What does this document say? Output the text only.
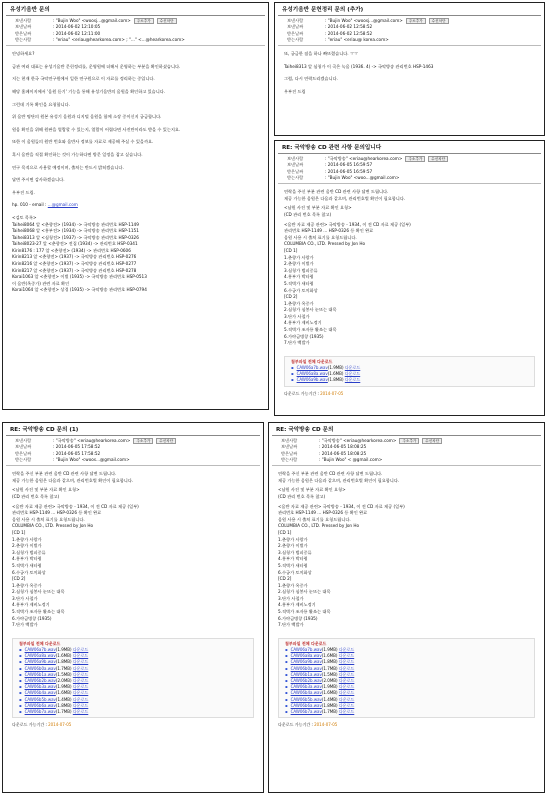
유성기음반 문의
보낸사람	: "Bujin Woo" <woosj...@gmail.com>	주소추가	수신차단
보낸날짜	: 2014-06-02 12:10:05
받은날짜	: 2014-06-02 12:11:00
받는사람	: "eriau" <eriau@hearkorea.com> ; "..." <...@hearkorea.com>

안녕하세요?

금관 여러 대표는 유성기음반 문헌정리를, 운영원에 더해서 운영하는 부분을 확인하셨습니다.

저는 현재 한국 국악연구원에서 일한 연구원으로 이 자료를 정리하는 중입니다.

해당 홈페이지에서 '음원 듣기' 기능을 통해 유성기음반의 음원을 확인하고 있습니다.

그런데 기록 확인을 요청합니다.

위 음반 명단의 원본 유성기 음원과 디지털 음원을 함께 소장 중이신지 궁금합니다.

원음 확인을 위해 원판을 열람할 수 있는지, 열람이 어렵다면 사진만이라도 받을 수 있는지요.

또한 이 음원들의 원반 번호와 음반사 정보를 자료로 제공해 주실 수 있을까요.

혹시 음반을 직접 확인하는 것이 가능하다면 방문 일정을 잡고 싶습니다.

연구 목적으로 사용할 예정이며, 출처는 반드시 밝히겠습니다.

답변 주시면 감사하겠습니다.

우부진 드림.

hp. 010 - email : ...@gmail.com

<검토 목록>

Taihei8064 앞 <춘향전> (1934) -> 국악방송 관리번호 HSP-1149

Taihei8068 앞 <흥부전> (1934) -> 국악방송 관리번호 HSP-1151

Taihei8313 앞 <심청전> (1937) -> 국악방송 관리번호 HSP-0326

Taihei8023-27 앞 <춘향전> 전집 (1934) -> 관리번호 HSP-0341

Kirin8176 : 177 앞 <춘향전> (1934) -> 관리번호 HSP-0606

Kirin8213 앞 <춘향전> (1937) -> 국악방송 관리번호 HSP-0276

Kirin8216 앞 <춘향전> (1937) -> 국악방송 관리번호 HSP-0277

Kirin8217 앞 <춘향전> (1937) -> 국악방송 관리번호 HSP-0278

Korai1063 앞 <춘향전> 이별 (1935) -> 국악방송 관리번호 HSP-0513

이 음반(옥중가) 관련 자료 확인

Korai1064 앞 <춘향전> 상경 (1935) -> 국악방송 관리번호 HSP-0794

유성기음반 문헌정리 문의 (추가)
보낸사람	: "Bujin Woo" <woosj...@gmail.com>	주소추가	수신차단
보낸날짜	: 2014-06-02 12:58:52
받은날짜	: 2014-06-02 12:58:52
받는사람	: "eriau" <eriau@ korea.com>

또, 궁금한 점을 하나 빠뜨렸습니다. ㅜㅜ

Taihei8313 앞 심청가 이 곡은 녹음 (1936. 4) -> 국악방송 관리번호 HSP-1463

그럼, 다시 연락드리겠습니다.

우부진 드림

RE: 국악방송 CD 관련 사항 문의입니다
보낸사람	: "국악방송" <eriau@hearkorea.com>	주소추가	수신차단
보낸날짜	: 2014-06-05 16:59:57
받은날짜	: 2014-06-05 16:59:57
받는사람	: "Bujin Woo" <woo...@gmail.com>

연락을 주신 부분 관련 음반 CD 관련 사항 답변 드립니다.

제공 가능한 음원은 다음과 같으며, 관리번호별 확인이 필요합니다.

<남원 사진 및 부분 자료 확인 요청>

(CD 관리 번호 목록 참고)

<음반 자료 제공 관련> 국악방송 - 1934, 이 전 CD 자료 제공 (일부)

관리번호 HSP-1149 ... HSP-0326 등 확인 완료

음원 사용 시 출처 표기를 요청드립니다.

COLUMBIA CO., LTD. Pressed by Jon Ho

[CD 1]

1.춘향가 사랑가

2.춘향가 이별가

3.심청가 범피중류

4.흥부가 박타령

5.적벽가 새타령

6.수궁가 토끼화상

[CD 2]

1.춘향가 옥중가

2.심청가 심봉사 눈뜨는 대목

3.단가 사철가

4.흥부가 제비노정기

5.적벽가 조자룡 활쏘는 대목

6.가야금병창 (1935)

7.단가 백발가

첨부파일 전체 다운로드
▪ CAW06a7b.wav(1.9MB) 다운로드
▪ CAW06a8a.wav(1.6MB) 다운로드
▪ CAW06a9b.wav(1.8MB) 다운로드
다운로드 가능기간 : 2014-07-05
RE: 국악방송 CD 문의 (1)
보낸사람	: "국악방송" <eriau@hearkorea.com>	주소추가	수신차단
보낸날짜	: 2014-06-05 17:58:52
받은날짜	: 2014-06-05 17:58:52
받는사람	: "Bujin Woo" <woos...@gmail.com>

연락을 주신 부분 관련 음반 CD 관련 사항 답변 드립니다.

제공 가능한 음원은 다음과 같으며, 관리번호별 확인이 필요합니다.

<남원 사진 및 부분 자료 확인 요청>

(CD 관리 번호 목록 참고)

<음반 자료 제공 관련> 국악방송 - 1934, 이 전 CD 자료 제공 (일부)

관리번호 HSP-1149 ... HSP-0326 등 확인 완료

음원 사용 시 출처 표기를 요청드립니다.

COLUMBIA CO., LTD. Pressed by Jon Ho

[CD 1]

1.춘향가 사랑가

2.춘향가 이별가

3.심청가 범피중류

4.흥부가 박타령

5.적벽가 새타령

6.수궁가 토끼화상

[CD 2]

1.춘향가 옥중가

2.심청가 심봉사 눈뜨는 대목

3.단가 사철가

4.흥부가 제비노정기

5.적벽가 조자룡 활쏘는 대목

6.가야금병창 (1935)

7.단가 백발가

첨부파일 전체 다운로드
▪ CAW06a7b.wav(1.9MB) 다운로드
▪ CAW06a8a.wav(1.6MB) 다운로드
▪ CAW06a9b.wav(1.8MB) 다운로드
▪ CAW06b0a.wav(1.7MB) 다운로드
▪ CAW06b1a.wav(1.5MB) 다운로드
▪ CAW06b2b.wav(2.0MB) 다운로드
▪ CAW06b3a.wav(1.9MB) 다운로드
▪ CAW06b4a.wav(1.6MB) 다운로드
▪ CAW06b5b.wav(1.4MB) 다운로드
▪ CAW06b6a.wav(1.8MB) 다운로드
▪ CAW06b7a.wav(1.7MB) 다운로드
다운로드 가능기간 : 2014-07-05
RE: 국악방송 CD 문의
보낸사람	: "국악방송" <eriau@hearkorea.com>	주소추가	수신차단
보낸날짜	: 2014-06-05 18:08:25
받은날짜	: 2014-06-05 18:08:25
받는사람	: "Bujin Woo" < @gmail.com>

연락을 주신 부분 관련 음반 CD 관련 사항 답변 드립니다.

제공 가능한 음원은 다음과 같으며, 관리번호별 확인이 필요합니다.

<남원 사진 및 부분 자료 확인 요청>

(CD 관리 번호 목록 참고)

<음반 자료 제공 관련> 국악방송 - 1934, 이 전 CD 자료 제공 (일부)

관리번호 HSP-1149 ... HSP-0326 등 확인 완료

음원 사용 시 출처 표기를 요청드립니다.

COLUMBIA CO., LTD. Pressed by Jon Ho

[CD 1]

1.춘향가 사랑가

2.춘향가 이별가

3.심청가 범피중류

4.흥부가 박타령

5.적벽가 새타령

6.수궁가 토끼화상

[CD 2]

1.춘향가 옥중가

2.심청가 심봉사 눈뜨는 대목

3.단가 사철가

4.흥부가 제비노정기

5.적벽가 조자룡 활쏘는 대목

6.가야금병창 (1935)

7.단가 백발가

첨부파일 전체 다운로드
▪ CAW06a7b.wav(1.9MB) 다운로드
▪ CAW06a8a.wav(1.6MB) 다운로드
▪ CAW06a9b.wav(1.8MB) 다운로드
▪ CAW06b0a.wav(1.7MB) 다운로드
▪ CAW06b1a.wav(1.5MB) 다운로드
▪ CAW06b2b.wav(2.0MB) 다운로드
▪ CAW06b3a.wav(1.9MB) 다운로드
▪ CAW06b4a.wav(1.6MB) 다운로드
▪ CAW06b5b.wav(1.4MB) 다운로드
▪ CAW06b6a.wav(1.8MB) 다운로드
▪ CAW06b7a.wav(1.7MB) 다운로드
다운로드 가능기간 : 2014-07-05
